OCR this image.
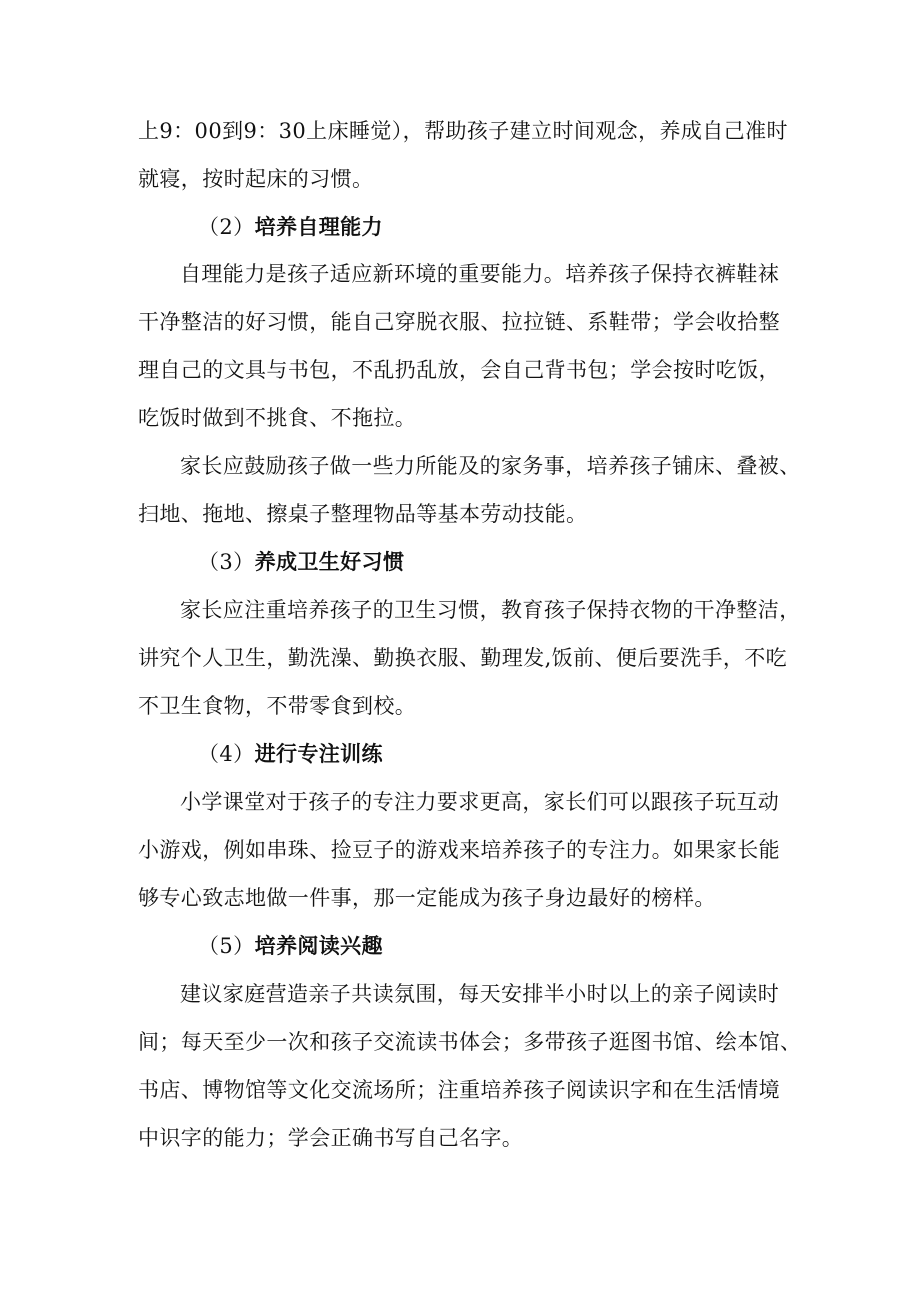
上9：00到9：30上床睡觉），帮助孩子建立时间观念，养成自己准时
就寝，按时起床的习惯。
（2）培养自理能力
自理能力是孩子适应新环境的重要能力。培养孩子保持衣裤鞋袜
干净整洁的好习惯，能自己穿脱衣服、拉拉链、系鞋带；学会收拾整
理自己的文具与书包，不乱扔乱放，会自己背书包；学会按时吃饭，
吃饭时做到不挑食、不拖拉。
家长应鼓励孩子做一些力所能及的家务事，培养孩子铺床、叠被、
扫地、拖地、擦桌子整理物品等基本劳动技能。
（3）养成卫生好习惯
家长应注重培养孩子的卫生习惯，教育孩子保持衣物的干净整洁，
讲究个人卫生，勤洗澡、勤换衣服、勤理发,饭前、便后要洗手，不吃
不卫生食物，不带零食到校。
（4）进行专注训练
小学课堂对于孩子的专注力要求更高，家长们可以跟孩子玩互动
小游戏，例如串珠、捡豆子的游戏来培养孩子的专注力。如果家长能
够专心致志地做一件事，那一定能成为孩子身边最好的榜样。
（5）培养阅读兴趣
建议家庭营造亲子共读氛围，每天安排半小时以上的亲子阅读时
间；每天至少一次和孩子交流读书体会；多带孩子逛图书馆、绘本馆、
书店、博物馆等文化交流场所；注重培养孩子阅读识字和在生活情境
中识字的能力；学会正确书写自己名字。
